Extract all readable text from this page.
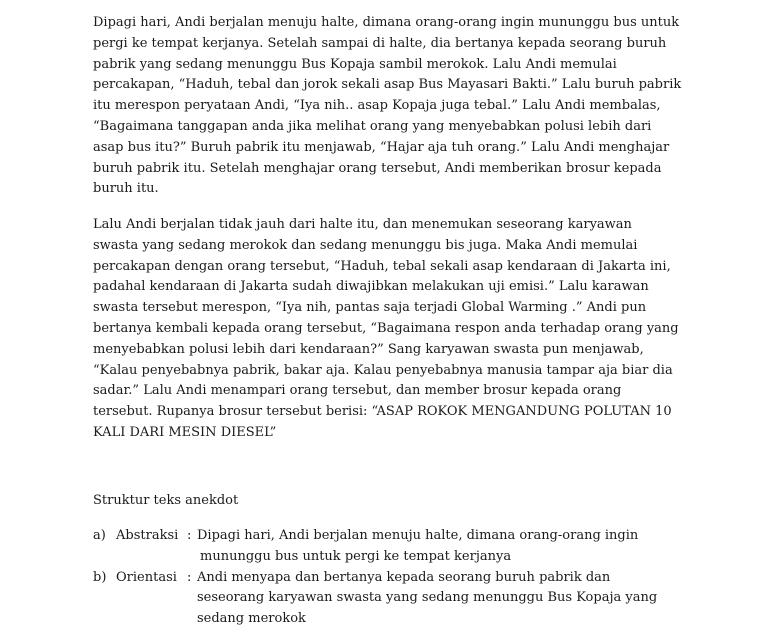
Dipagi hari, Andi berjalan menuju halte, dimana orang-orang ingin mununggu bus untuk
pergi ke tempat kerjanya. Setelah sampai di halte, dia bertanya kepada seorang buruh
pabrik yang sedang menunggu Bus Kopaja sambil merokok. Lalu Andi memulai
percakapan, “Haduh, tebal dan jorok sekali asap Bus Mayasari Bakti.” Lalu buruh pabrik
itu merespon peryataan Andi, “Iya nih.. asap Kopaja juga tebal.” Lalu Andi membalas,
“Bagaimana tanggapan anda jika melihat orang yang menyebabkan polusi lebih dari
asap bus itu?” Buruh pabrik itu menjawab, “Hajar aja tuh orang.” Lalu Andi menghajar
buruh pabrik itu. Setelah menghajar orang tersebut, Andi memberikan brosur kepada
buruh itu.
Lalu Andi berjalan tidak jauh dari halte itu, dan menemukan seseorang karyawan
swasta yang sedang merokok dan sedang menunggu bis juga. Maka Andi memulai
percakapan dengan orang tersebut, “Haduh, tebal sekali asap kendaraan di Jakarta ini,
padahal kendaraan di Jakarta sudah diwajibkan melakukan uji emisi.” Lalu karawan
swasta tersebut merespon, “Iya nih, pantas saja terjadi Global Warming .” Andi pun
bertanya kembali kepada orang tersebut, “Bagaimana respon anda terhadap orang yang
menyebabkan polusi lebih dari kendaraan?” Sang karyawan swasta pun menjawab,
“Kalau penyebabnya pabrik, bakar aja. Kalau penyebabnya manusia tampar aja biar dia
sadar.” Lalu Andi menampari orang tersebut, dan member brosur kepada orang
tersebut. Rupanya brosur tersebut berisi: “ASAP ROKOK MENGANDUNG POLUTAN 10
KALI DARI MESIN DIESEL”

Struktur teks anekdot

a) Abstraksi : Dipagi hari, Andi berjalan menuju halte, dimana orang-orang ingin
mununggu bus untuk pergi ke tempat kerjanya
b) Orientasi : Andi menyapa dan bertanya kepada seorang buruh pabrik dan
seseorang karyawan swasta yang sedang menunggu Bus Kopaja yang
sedang merokok
